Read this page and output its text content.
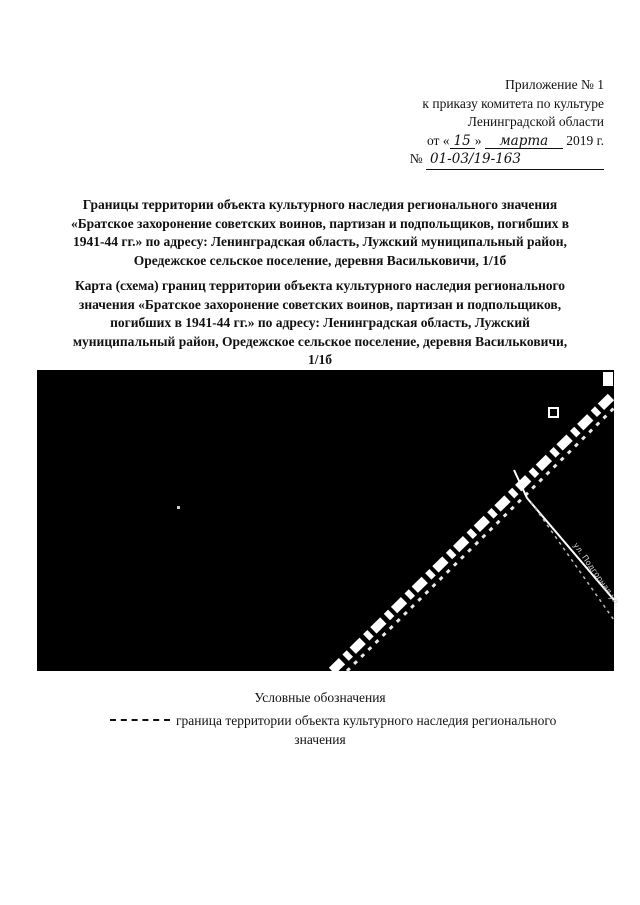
Приложение № 1
к приказу комитета по культуре
Ленинградской области
от « 15 » марта 2019 г.
№ 01-03/19-163
Границы территории объекта культурного наследия регионального значения «Братское захоронение советских воинов, партизан и подпольщиков, погибших в 1941-44 гг.» по адресу: Ленинградская область, Лужский муниципальный район, Оредежское сельское поселение, деревня Васильковичи, 1/1б
Карта (схема) границ территории объекта культурного наследия регионального значения «Братское захоронение советских воинов, партизан и подпольщиков, погибших в 1941-44 гг.» по адресу: Ленинградская область, Лужский муниципальный район, Оредежское сельское поселение, деревня Васильковичи, 1/1б
ул. Подгорная ул.
Условные обозначения
граница территории объекта культурного наследия регионального
значения
